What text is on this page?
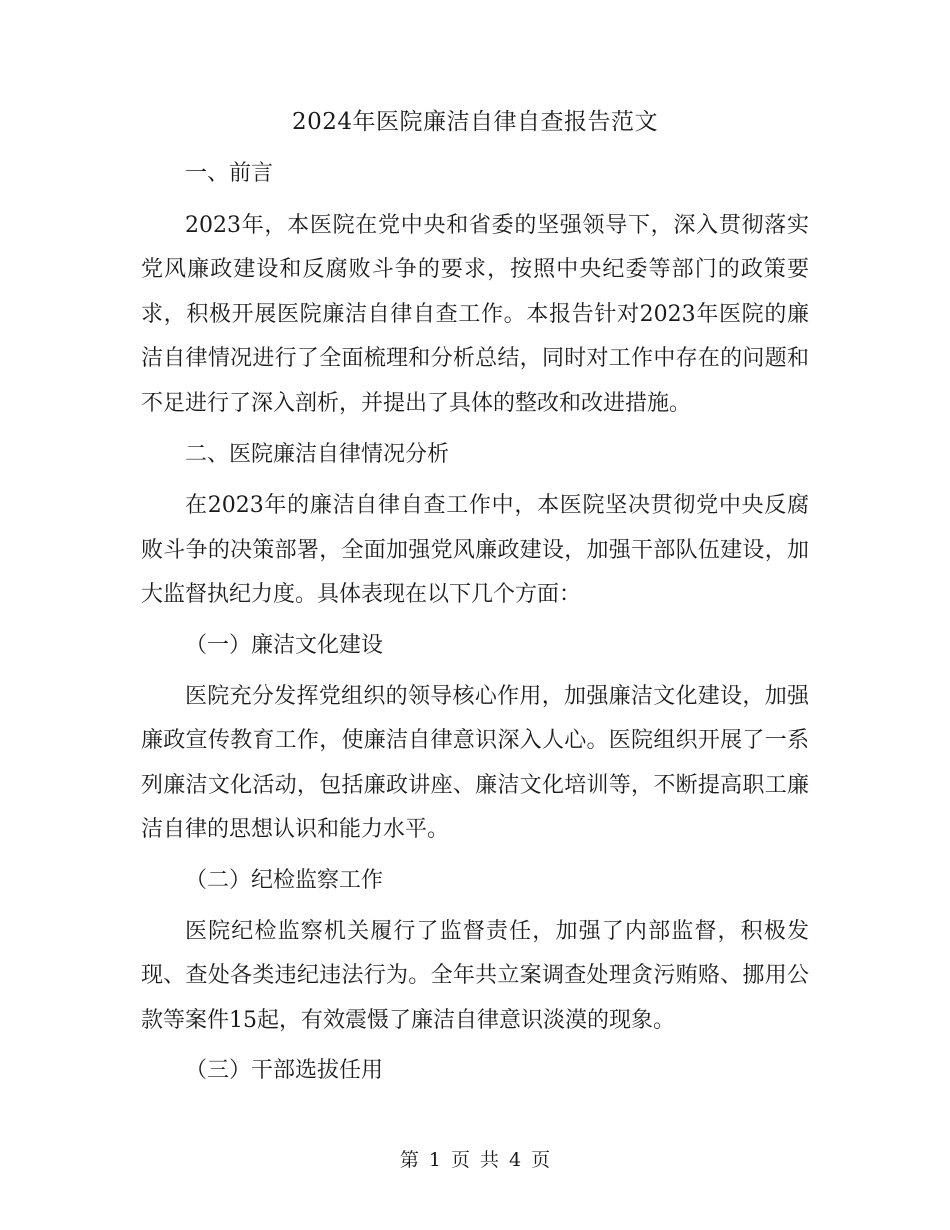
2024年医院廉洁自律自查报告范文

一、前言

2023年，本医院在党中央和省委的坚强领导下，深入贯彻落实党风廉政建设和反腐败斗争的要求，按照中央纪委等部门的政策要求，积极开展医院廉洁自律自查工作。本报告针对2023年医院的廉洁自律情况进行了全面梳理和分析总结，同时对工作中存在的问题和不足进行了深入剖析，并提出了具体的整改和改进措施。

二、医院廉洁自律情况分析

在2023年的廉洁自律自查工作中，本医院坚决贯彻党中央反腐败斗争的决策部署，全面加强党风廉政建设，加强干部队伍建设，加大监督执纪力度。具体表现在以下几个方面：

（一）廉洁文化建设

医院充分发挥党组织的领导核心作用，加强廉洁文化建设，加强廉政宣传教育工作，使廉洁自律意识深入人心。医院组织开展了一系列廉洁文化活动，包括廉政讲座、廉洁文化培训等，不断提高职工廉洁自律的思想认识和能力水平。

（二）纪检监察工作

医院纪检监察机关履行了监督责任，加强了内部监督，积极发现、查处各类违纪违法行为。全年共立案调查处理贪污贿赂、挪用公款等案件15起，有效震慑了廉洁自律意识淡漠的现象。

（三）干部选拔任用

第 1 页 共 4 页
